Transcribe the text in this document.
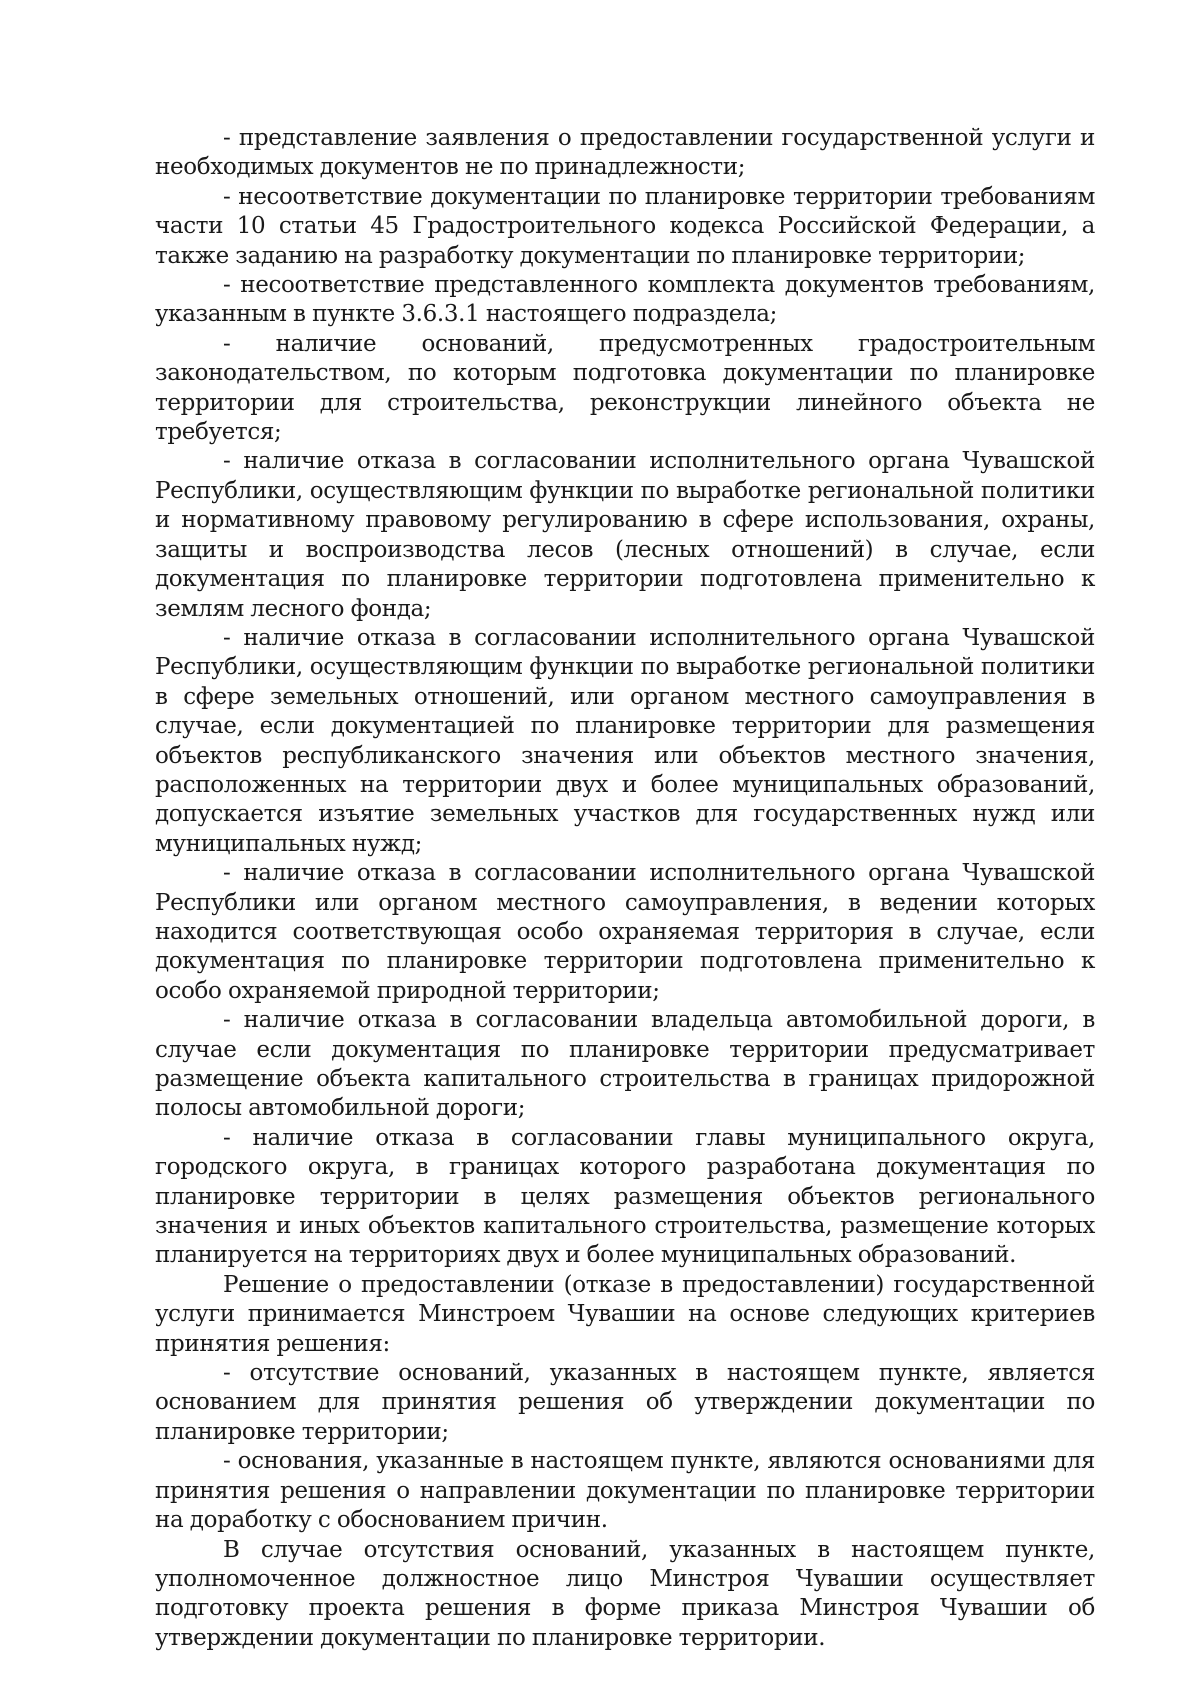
- представление заявления о предоставлении государственной услуги и необходимых документов не по принадлежности;

- несоответствие документации по планировке территории требованиям части 10 статьи 45 Градостроительного кодекса Российской Федерации, а также заданию на разработку документации по планировке территории;

- несоответствие представленного комплекта документов требованиям, указанным в пункте 3.6.3.1 настоящего подраздела;

- наличие оснований, предусмотренных градостроительным законодательством, по которым подготовка документации по планировке территории для строительства, реконструкции линейного объекта не требуется;

- наличие отказа в согласовании исполнительного органа Чувашской Республики, осуществляющим функции по выработке региональной политики и нормативному правовому регулированию в сфере использования, охраны, защиты и воспроизводства лесов (лесных отношений) в случае, если документация по планировке территории подготовлена применительно к землям лесного фонда;

- наличие отказа в согласовании исполнительного органа Чувашской Республики, осуществляющим функции по выработке региональной политики в сфере земельных отношений, или органом местного самоуправления в случае, если документацией по планировке территории для размещения объектов республиканского значения или объектов местного значения, расположенных на территории двух и более муниципальных образований, допускается изъятие земельных участков для государственных нужд или муниципальных нужд;

- наличие отказа в согласовании исполнительного органа Чувашской Республики или органом местного самоуправления, в ведении которых находится соответствующая особо охраняемая территория в случае, если документация по планировке территории подготовлена применительно к особо охраняемой природной территории;

- наличие отказа в согласовании владельца автомобильной дороги, в случае если документация по планировке территории предусматривает размещение объекта капитального строительства в границах придорожной полосы автомобильной дороги;

- наличие отказа в согласовании главы муниципального округа, городского округа, в границах которого разработана документация по планировке территории в целях размещения объектов регионального значения и иных объектов капитального строительства, размещение которых планируется на территориях двух и более муниципальных образований.

Решение о предоставлении (отказе в предоставлении) государственной услуги принимается Минстроем Чувашии на основе следующих критериев принятия решения:

- отсутствие оснований, указанных в настоящем пункте, является основанием для принятия решения об утверждении документации по планировке территории;

- основания, указанные в настоящем пункте, являются основаниями для принятия решения о направлении документации по планировке территории на доработку с обоснованием причин.

В случае отсутствия оснований, указанных в настоящем пункте, уполномоченное должностное лицо Минстроя Чувашии осуществляет подготовку проекта решения в форме приказа Минстроя Чувашии об утверждении документации по планировке территории.
